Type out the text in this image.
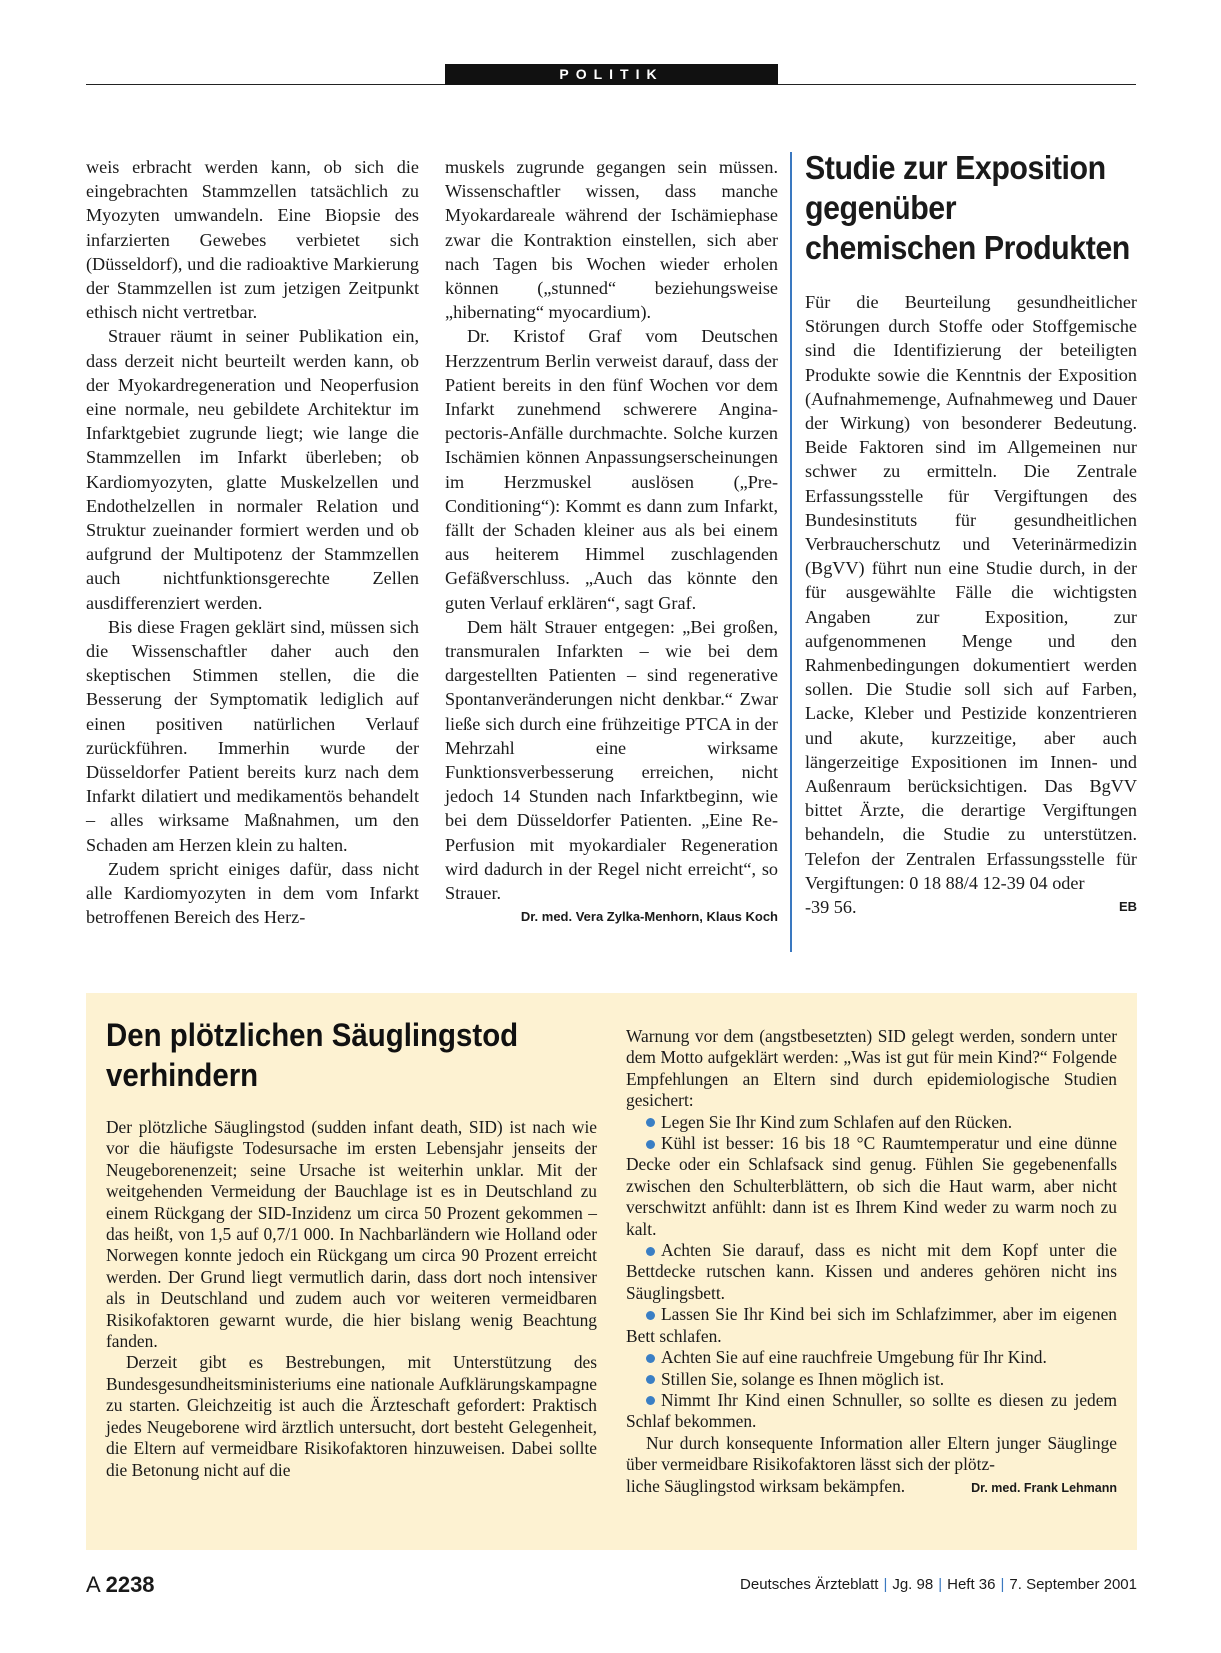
POLITIK

weis erbracht werden kann, ob sich die eingebrachten Stammzellen tatsächlich zu Myozyten umwandeln. Eine Biopsie des infarzierten Gewebes verbietet sich (Düsseldorf), und die radioaktive Markierung der Stammzellen ist zum jetzigen Zeitpunkt ethisch nicht vertretbar.

Strauer räumt in seiner Publikation ein, dass derzeit nicht beurteilt werden kann, ob der Myokardregeneration und Neoperfusion eine normale, neu gebildete Architektur im Infarktgebiet zugrunde liegt; wie lange die Stammzellen im Infarkt überleben; ob Kardiomyozyten, glatte Muskelzellen und Endothelzellen in normaler Relation und Struktur zueinander formiert werden und ob aufgrund der Multipotenz der Stammzellen auch nichtfunktionsgerechte Zellen ausdifferenziert werden.

Bis diese Fragen geklärt sind, müssen sich die Wissenschaftler daher auch den skeptischen Stimmen stellen, die die Besserung der Symptomatik lediglich auf einen positiven natürlichen Verlauf zurückführen. Immerhin wurde der Düsseldorfer Patient bereits kurz nach dem Infarkt dilatiert und medikamentös behandelt – alles wirksame Maßnahmen, um den Schaden am Herzen klein zu halten.

Zudem spricht einiges dafür, dass nicht alle Kardiomyozyten in dem vom Infarkt betroffenen Bereich des Herz-

muskels zugrunde gegangen sein müssen. Wissenschaftler wissen, dass manche Myokardareale während der Ischämiephase zwar die Kontraktion einstellen, sich aber nach Tagen bis Wochen wieder erholen können („stunned“ beziehungsweise „hibernating“ myocardium).

Dr. Kristof Graf vom Deutschen Herzzentrum Berlin verweist darauf, dass der Patient bereits in den fünf Wochen vor dem Infarkt zunehmend schwerere Angina-pectoris-Anfälle durchmachte. Solche kurzen Ischämien können Anpassungserscheinungen im Herzmuskel auslösen („Pre-Conditioning“): Kommt es dann zum Infarkt, fällt der Schaden kleiner aus als bei einem aus heiterem Himmel zuschlagenden Gefäßverschluss. „Auch das könnte den guten Verlauf erklären“, sagt Graf.

Dem hält Strauer entgegen: „Bei großen, transmuralen Infarkten – wie bei dem dargestellten Patienten – sind regenerative Spontanveränderungen nicht denkbar.“ Zwar ließe sich durch eine frühzeitige PTCA in der Mehrzahl eine wirksame Funktionsverbesserung erreichen, nicht jedoch 14 Stunden nach Infarktbeginn, wie bei dem Düsseldorfer Patienten. „Eine Re-Perfusion mit myokardialer Regeneration wird dadurch in der Regel nicht erreicht“, so Strauer.

Dr. med. Vera Zylka-Menhorn, Klaus Koch
Studie zur Exposition
gegenüber
chemischen Produkten

Für die Beurteilung gesundheitlicher Störungen durch Stoffe oder Stoffgemische sind die Identifizierung der beteiligten Produkte sowie die Kenntnis der Exposition (Aufnahmemenge, Aufnahmeweg und Dauer der Wirkung) von besonderer Bedeutung. Beide Faktoren sind im Allgemeinen nur schwer zu ermitteln. Die Zentrale Erfassungsstelle für Vergiftungen des Bundesinstituts für gesundheitlichen Verbraucherschutz und Veterinärmedizin (BgVV) führt nun eine Studie durch, in der für ausgewählte Fälle die wichtigsten Angaben zur Exposition, zur aufgenommenen Menge und den Rahmenbedingungen dokumentiert werden sollen. Die Studie soll sich auf Farben, Lacke, Kleber und Pestizide konzentrieren und akute, kurzzeitige, aber auch längerzeitige Expositionen im Innen- und Außenraum berücksichtigen. Das BgVV bittet Ärzte, die derartige Vergiftungen behandeln, die Studie zu unterstützen. Telefon der Zentralen Erfassungsstelle für Vergiftungen: 0 18 88/4 12-39 04 oder

-39 56.	EB
Den plötzlichen Säuglingstod
verhindern

Der plötzliche Säuglingstod (sudden infant death, SID) ist nach wie vor die häufigste Todesursache im ersten Lebensjahr jenseits der Neugeborenenzeit; seine Ursache ist weiterhin unklar. Mit der weitgehenden Vermeidung der Bauchlage ist es in Deutschland zu einem Rückgang der SID-Inzidenz um circa 50 Prozent gekommen – das heißt, von 1,5 auf 0,7/1 000. In Nachbarländern wie Holland oder Norwegen konnte jedoch ein Rückgang um circa 90 Prozent erreicht werden. Der Grund liegt vermutlich darin, dass dort noch intensiver als in Deutschland und zudem auch vor weiteren vermeidbaren Risikofaktoren gewarnt wurde, die hier bislang wenig Beachtung fanden.

Derzeit gibt es Bestrebungen, mit Unterstützung des Bundesgesundheitsministeriums eine nationale Aufklärungskampagne zu starten. Gleichzeitig ist auch die Ärzteschaft gefordert: Praktisch jedes Neugeborene wird ärztlich untersucht, dort besteht Gelegenheit, die Eltern auf vermeidbare Risikofaktoren hinzuweisen. Dabei sollte die Betonung nicht auf die

Warnung vor dem (angstbesetzten) SID gelegt werden, sondern unter dem Motto aufgeklärt werden: „Was ist gut für mein Kind?“ Folgende Empfehlungen an Eltern sind durch epidemiologische Studien gesichert:

Legen Sie Ihr Kind zum Schlafen auf den Rücken.

Kühl ist besser: 16 bis 18 °C Raumtemperatur und eine dünne Decke oder ein Schlafsack sind genug. Fühlen Sie gegebenenfalls zwischen den Schulterblättern, ob sich die Haut warm, aber nicht verschwitzt anfühlt: dann ist es Ihrem Kind weder zu warm noch zu kalt.

Achten Sie darauf, dass es nicht mit dem Kopf unter die Bettdecke rutschen kann. Kissen und anderes gehören nicht ins Säuglingsbett.

Lassen Sie Ihr Kind bei sich im Schlafzimmer, aber im eigenen Bett schlafen.

Achten Sie auf eine rauchfreie Umgebung für Ihr Kind.

Stillen Sie, solange es Ihnen möglich ist.

Nimmt Ihr Kind einen Schnuller, so sollte es diesen zu jedem Schlaf bekommen.

Nur durch konsequente Information aller Eltern junger Säuglinge über vermeidbare Risikofaktoren lässt sich der plötz-

liche Säuglingstod wirksam bekämpfen.	Dr. med. Frank Lehmann
A 2238	Deutsches Ärzteblatt | Jg. 98 | Heft 36 | 7. September 2001
